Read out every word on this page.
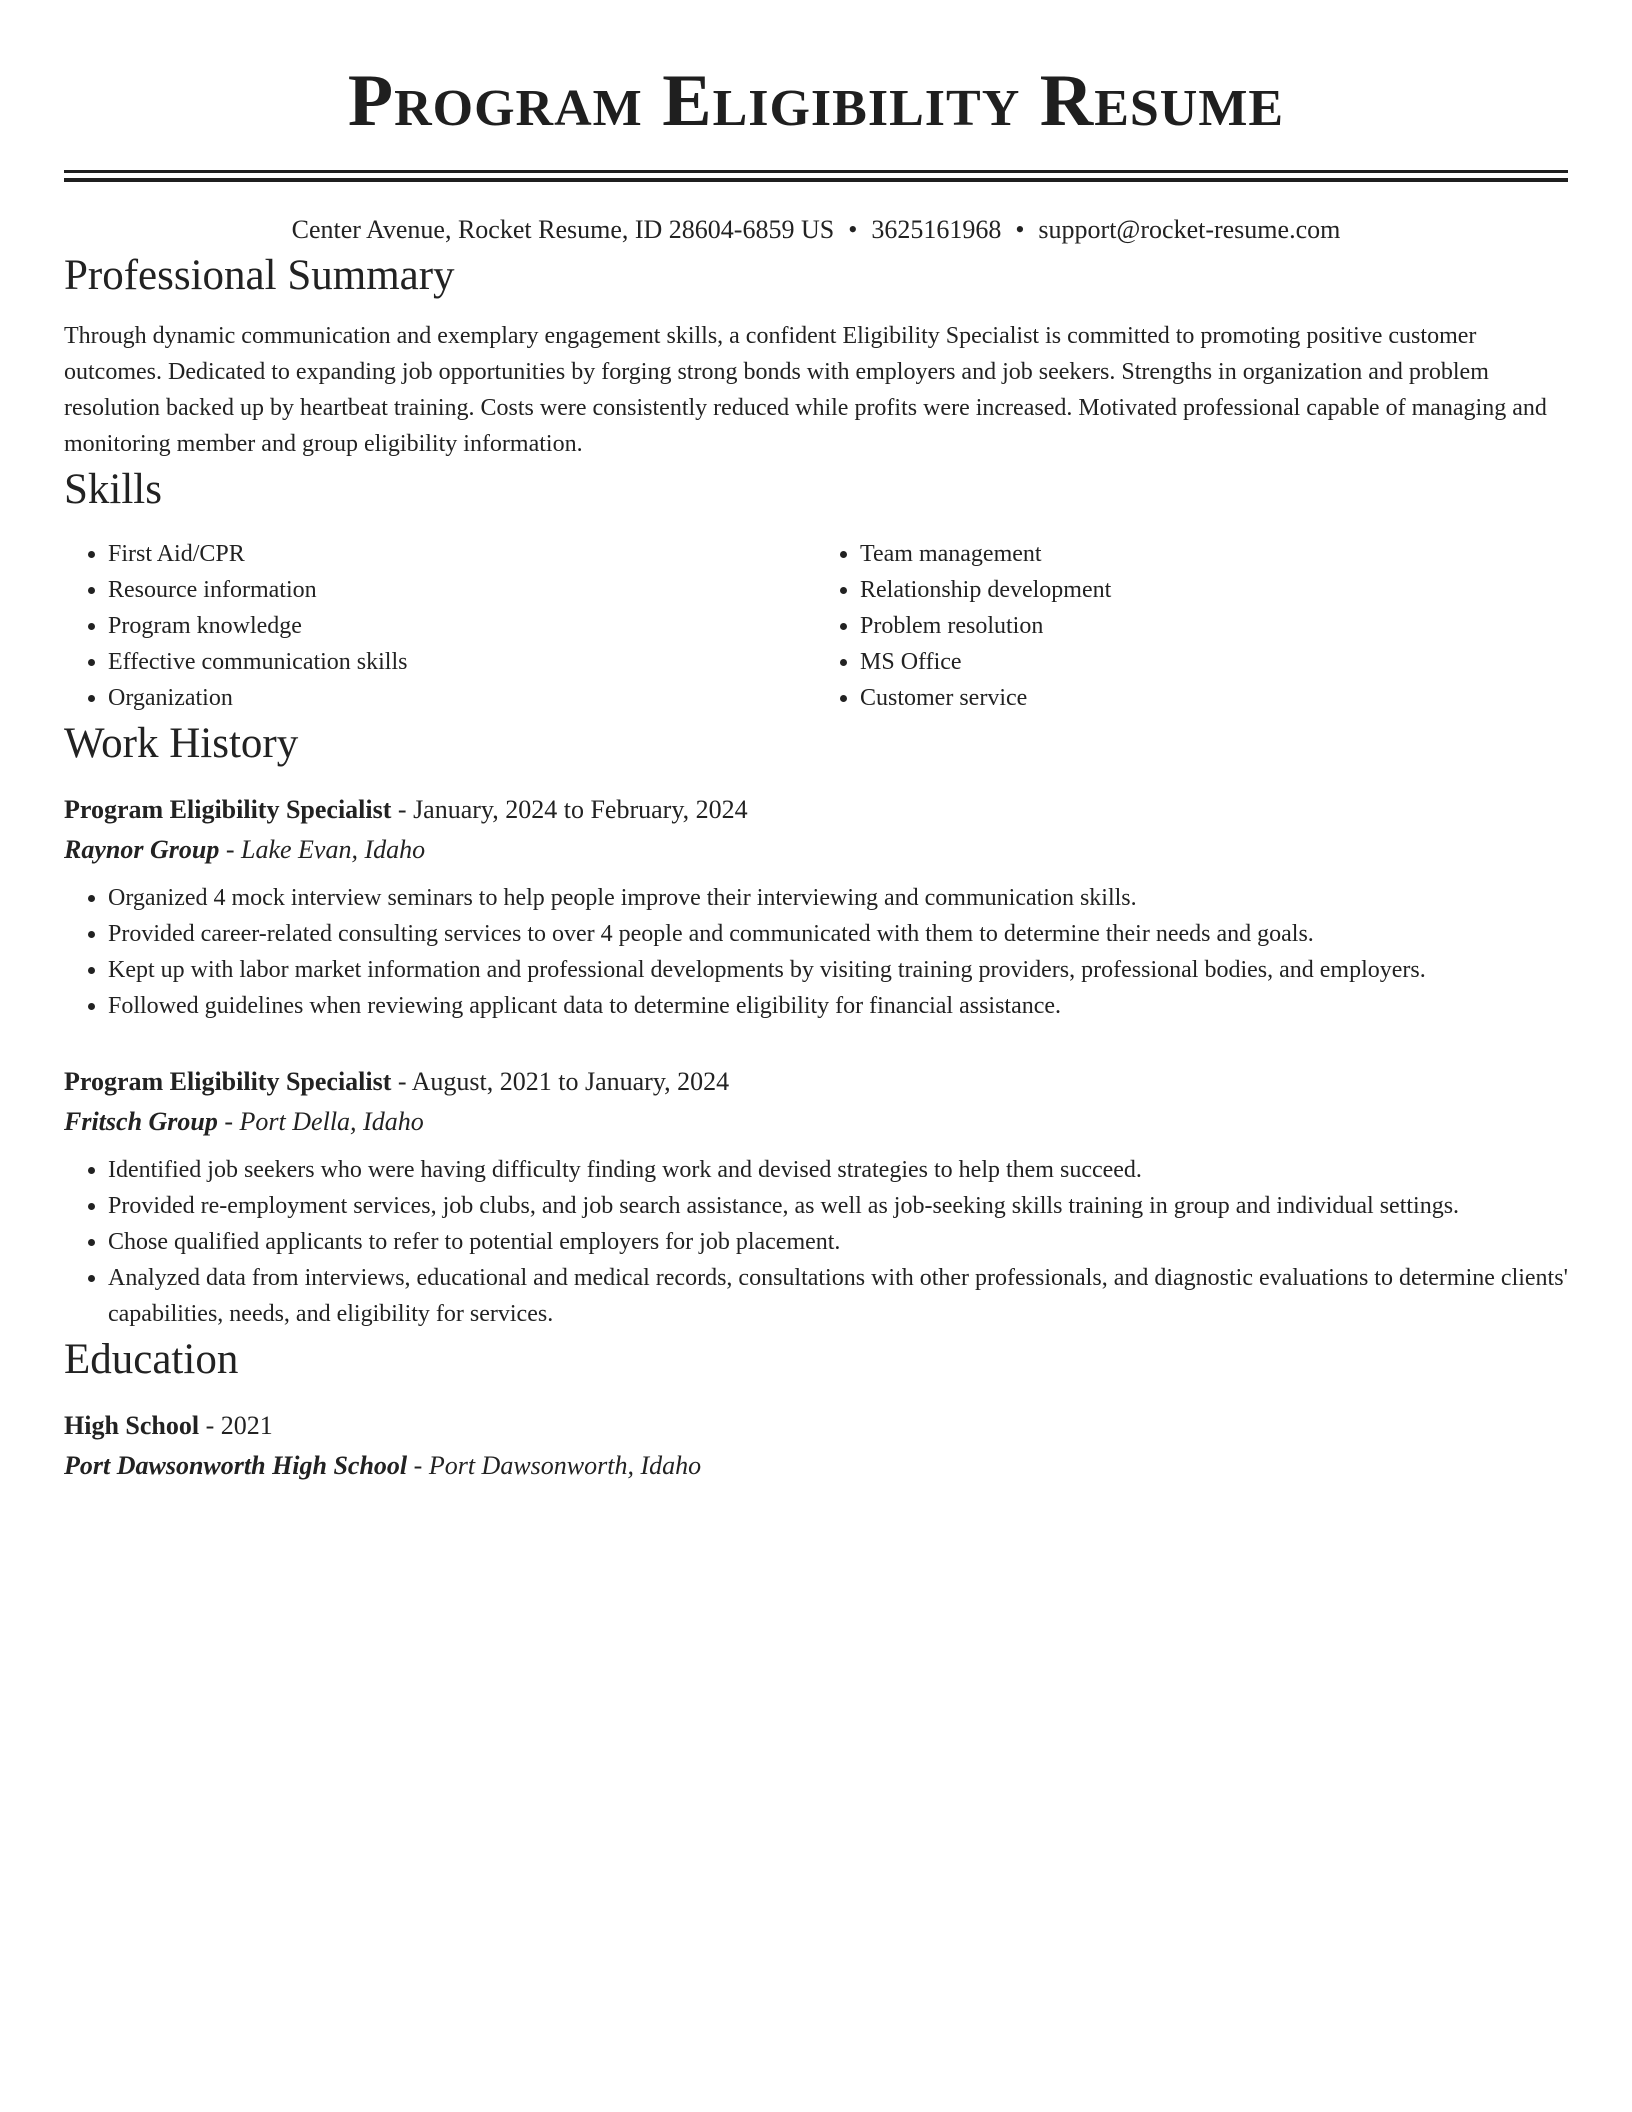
Program Eligibility Resume
Center Avenue, Rocket Resume, ID 28604-6859 US • 3625161968 • support@rocket-resume.com
Professional Summary
Through dynamic communication and exemplary engagement skills, a confident Eligibility Specialist is committed to promoting positive customer outcomes. Dedicated to expanding job opportunities by forging strong bonds with employers and job seekers. Strengths in organization and problem resolution backed up by heartbeat training. Costs were consistently reduced while profits were increased. Motivated professional capable of managing and monitoring member and group eligibility information.
Skills
• First Aid/CPR
• Resource information
• Program knowledge
• Effective communication skills
• Organization
• Team management
• Relationship development
• Problem resolution
• MS Office
• Customer service
Work History
Program Eligibility Specialist - January, 2024 to February, 2024
Raynor Group - Lake Evan, Idaho
• Organized 4 mock interview seminars to help people improve their interviewing and communication skills.
• Provided career-related consulting services to over 4 people and communicated with them to determine their needs and goals.
• Kept up with labor market information and professional developments by visiting training providers, professional bodies, and employers.
• Followed guidelines when reviewing applicant data to determine eligibility for financial assistance.
Program Eligibility Specialist - August, 2021 to January, 2024
Fritsch Group - Port Della, Idaho
• Identified job seekers who were having difficulty finding work and devised strategies to help them succeed.
• Provided re-employment services, job clubs, and job search assistance, as well as job-seeking skills training in group and individual settings.
• Chose qualified applicants to refer to potential employers for job placement.
• Analyzed data from interviews, educational and medical records, consultations with other professionals, and diagnostic evaluations to determine clients' capabilities, needs, and eligibility for services.
Education
High School - 2021
Port Dawsonworth High School - Port Dawsonworth, Idaho
